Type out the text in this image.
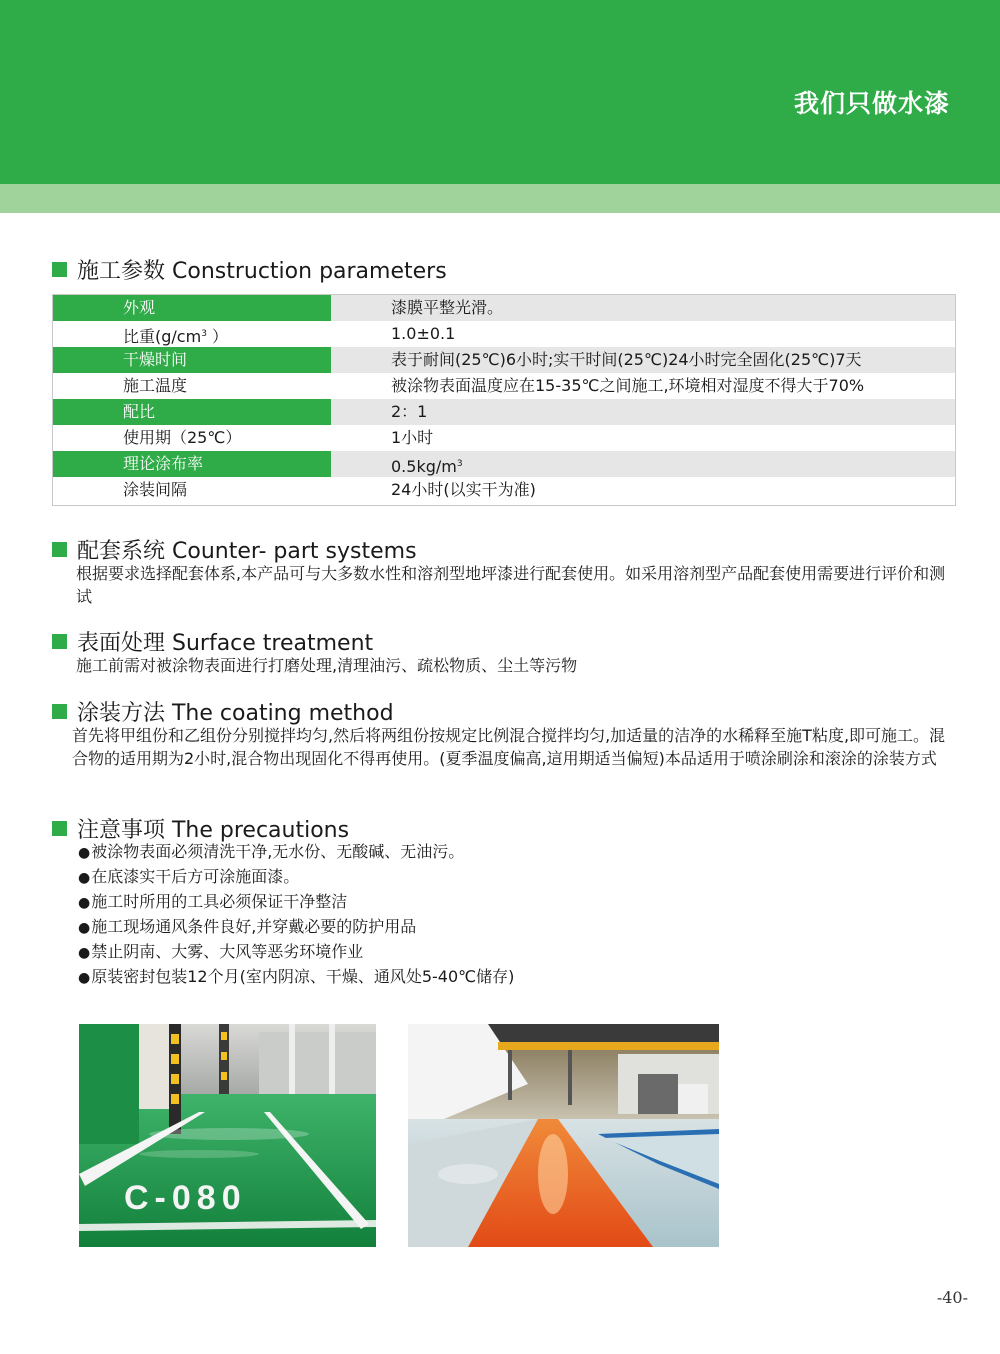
我们只做水漆
施工参数 Construction parameters
外观	漆膜平整光滑。
比重($g/cm^3$ ）	1.0±0.1
干燥时间	表于耐间(25℃)6小时;实干时间(25℃)24小时完全固化(25℃)7天
施工温度	被涂物表面温度应在15-35℃之间施工,环境相对湿度不得大于70%
配比	2：1
使用期（25℃）	1小时
理论涂布率	$0.5kg/m^3$
涂装间隔	24小时(以实干为准)
配套系统 Counter- part systems
根据要求选择配套体系,本产品可与大多数水性和溶剂型地坪漆进行配套使用。如采用溶剂型产品配套使用需要进行评价和测试
表面处理 Surface treatment
施工前需对被涂物表面进行打磨处理,清理油污、疏松物质、尘土等污物
涂装方法 The coating method
首先将甲组份和乙组份分别搅拌均匀,然后将两组份按规定比例混合搅拌均匀,加适量的洁净的水稀释至施T粘度,即可施工。混合物的适用期为2小时,混合物出现固化不得再使用。(夏季温度偏高,這用期适当偏短)本品适用于喷涂刷涂和滚涂的涂装方式
注意事项 The precautions
●被涂物表面必须清洗干净,无水份、无酸碱、无油污。
●在底漆实干后方可涂施面漆。
●施工时所用的工具必须保证干净整洁
●施工现场通风条件良好,并穿戴必要的防护用品
●禁止阴南、大雾、大风等恶劣环境作业
●原装密封包装12个月(室内阴凉、干燥、通风处5-40℃储存)
C-080
-40-
